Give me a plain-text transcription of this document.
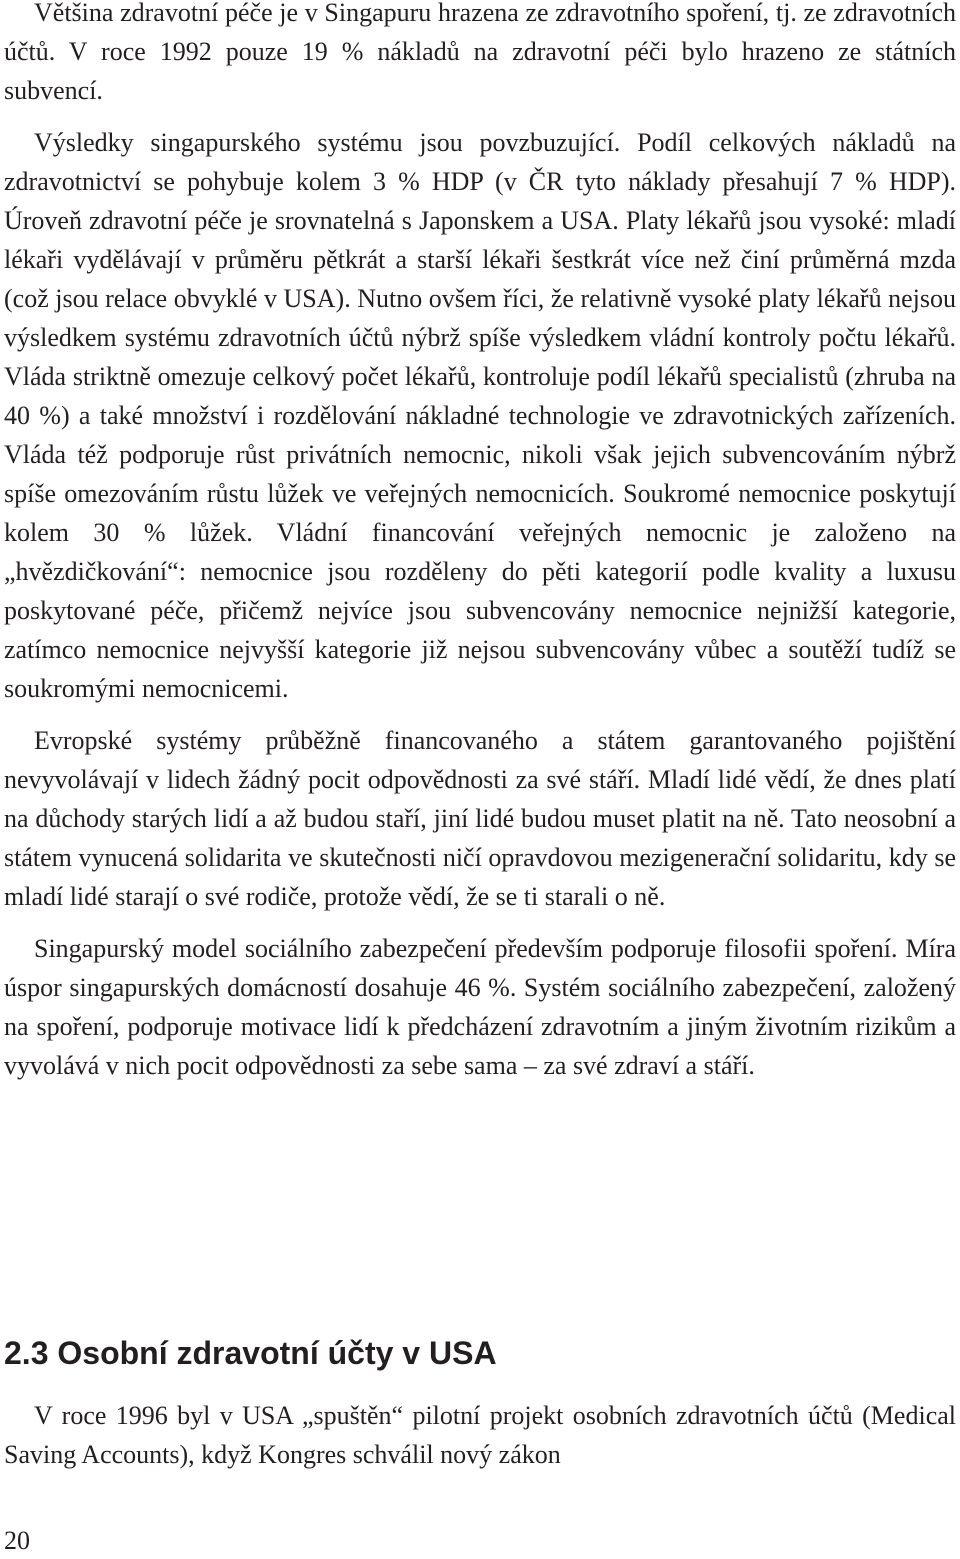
Většina zdravotní péče je v Singapuru hrazena ze zdravotního spoření, tj. ze zdravotních účtů. V roce 1992 pouze 19 % nákladů na zdravotní péči bylo hrazeno ze státních subvencí.

Výsledky singapurského systému jsou povzbuzující. Podíl celkových nákladů na zdravotnictví se pohybuje kolem 3 % HDP (v ČR tyto náklady přesahují 7 % HDP). Úroveň zdravotní péče je srovnatelná s Japonskem a USA. Platy lékařů jsou vysoké: mladí lékaři vydělávají v průměru pětkrát a starší lékaři šestkrát více než činí průměrná mzda (což jsou relace obvyklé v USA). Nutno ovšem říci, že relativně vysoké platy lékařů nejsou výsledkem systému zdravotních účtů nýbrž spíše výsledkem vládní kontroly počtu lékařů. Vláda striktně omezuje celkový počet lékařů, kontroluje podíl lékařů specialistů (zhruba na 40 %) a také množství i rozdělování nákladné technologie ve zdravotnických zařízeních. Vláda též podporuje růst privátních nemocnic, nikoli však jejich subvencováním nýbrž spíše omezováním růstu lůžek ve veřejných nemocnicích. Soukromé nemocnice poskytují kolem 30 % lůžek. Vládní financování veřejných nemocnic je založeno na „hvězdičkování“: nemocnice jsou rozděleny do pěti kategorií podle kvality a luxusu poskytované péče, přičemž nejvíce jsou subvencovány nemocnice nejnižší kategorie, zatímco nemocnice nejvyšší kategorie již nejsou subvencovány vůbec a soutěží tudíž se soukromými nemocnicemi.

Evropské systémy průběžně financovaného a státem garantovaného pojištění nevyvolávají v lidech žádný pocit odpovědnosti za své stáří. Mladí lidé vědí, že dnes platí na důchody starých lidí a až budou staří, jiní lidé budou muset platit na ně. Tato neosobní a státem vynucená solidarita ve skutečnosti ničí opravdovou mezigenerační solidaritu, kdy se mladí lidé starají o své rodiče, protože vědí, že se ti starali o ně.

Singapurský model sociálního zabezpečení především podporuje filosofii spoření. Míra úspor singapurských domácností dosahuje 46 %. Systém sociálního zabezpečení, založený na spoření, podporuje motivace lidí k předcházení zdravotním a jiným životním rizikům a vyvolává v nich pocit odpovědnosti za sebe sama – za své zdraví a stáří.

2.3 Osobní zdravotní účty v USA

V roce 1996 byl v USA „spuštěn“ pilotní projekt osobních zdravotních účtů (Medical Saving Accounts), když Kongres schválil nový zákon

20
